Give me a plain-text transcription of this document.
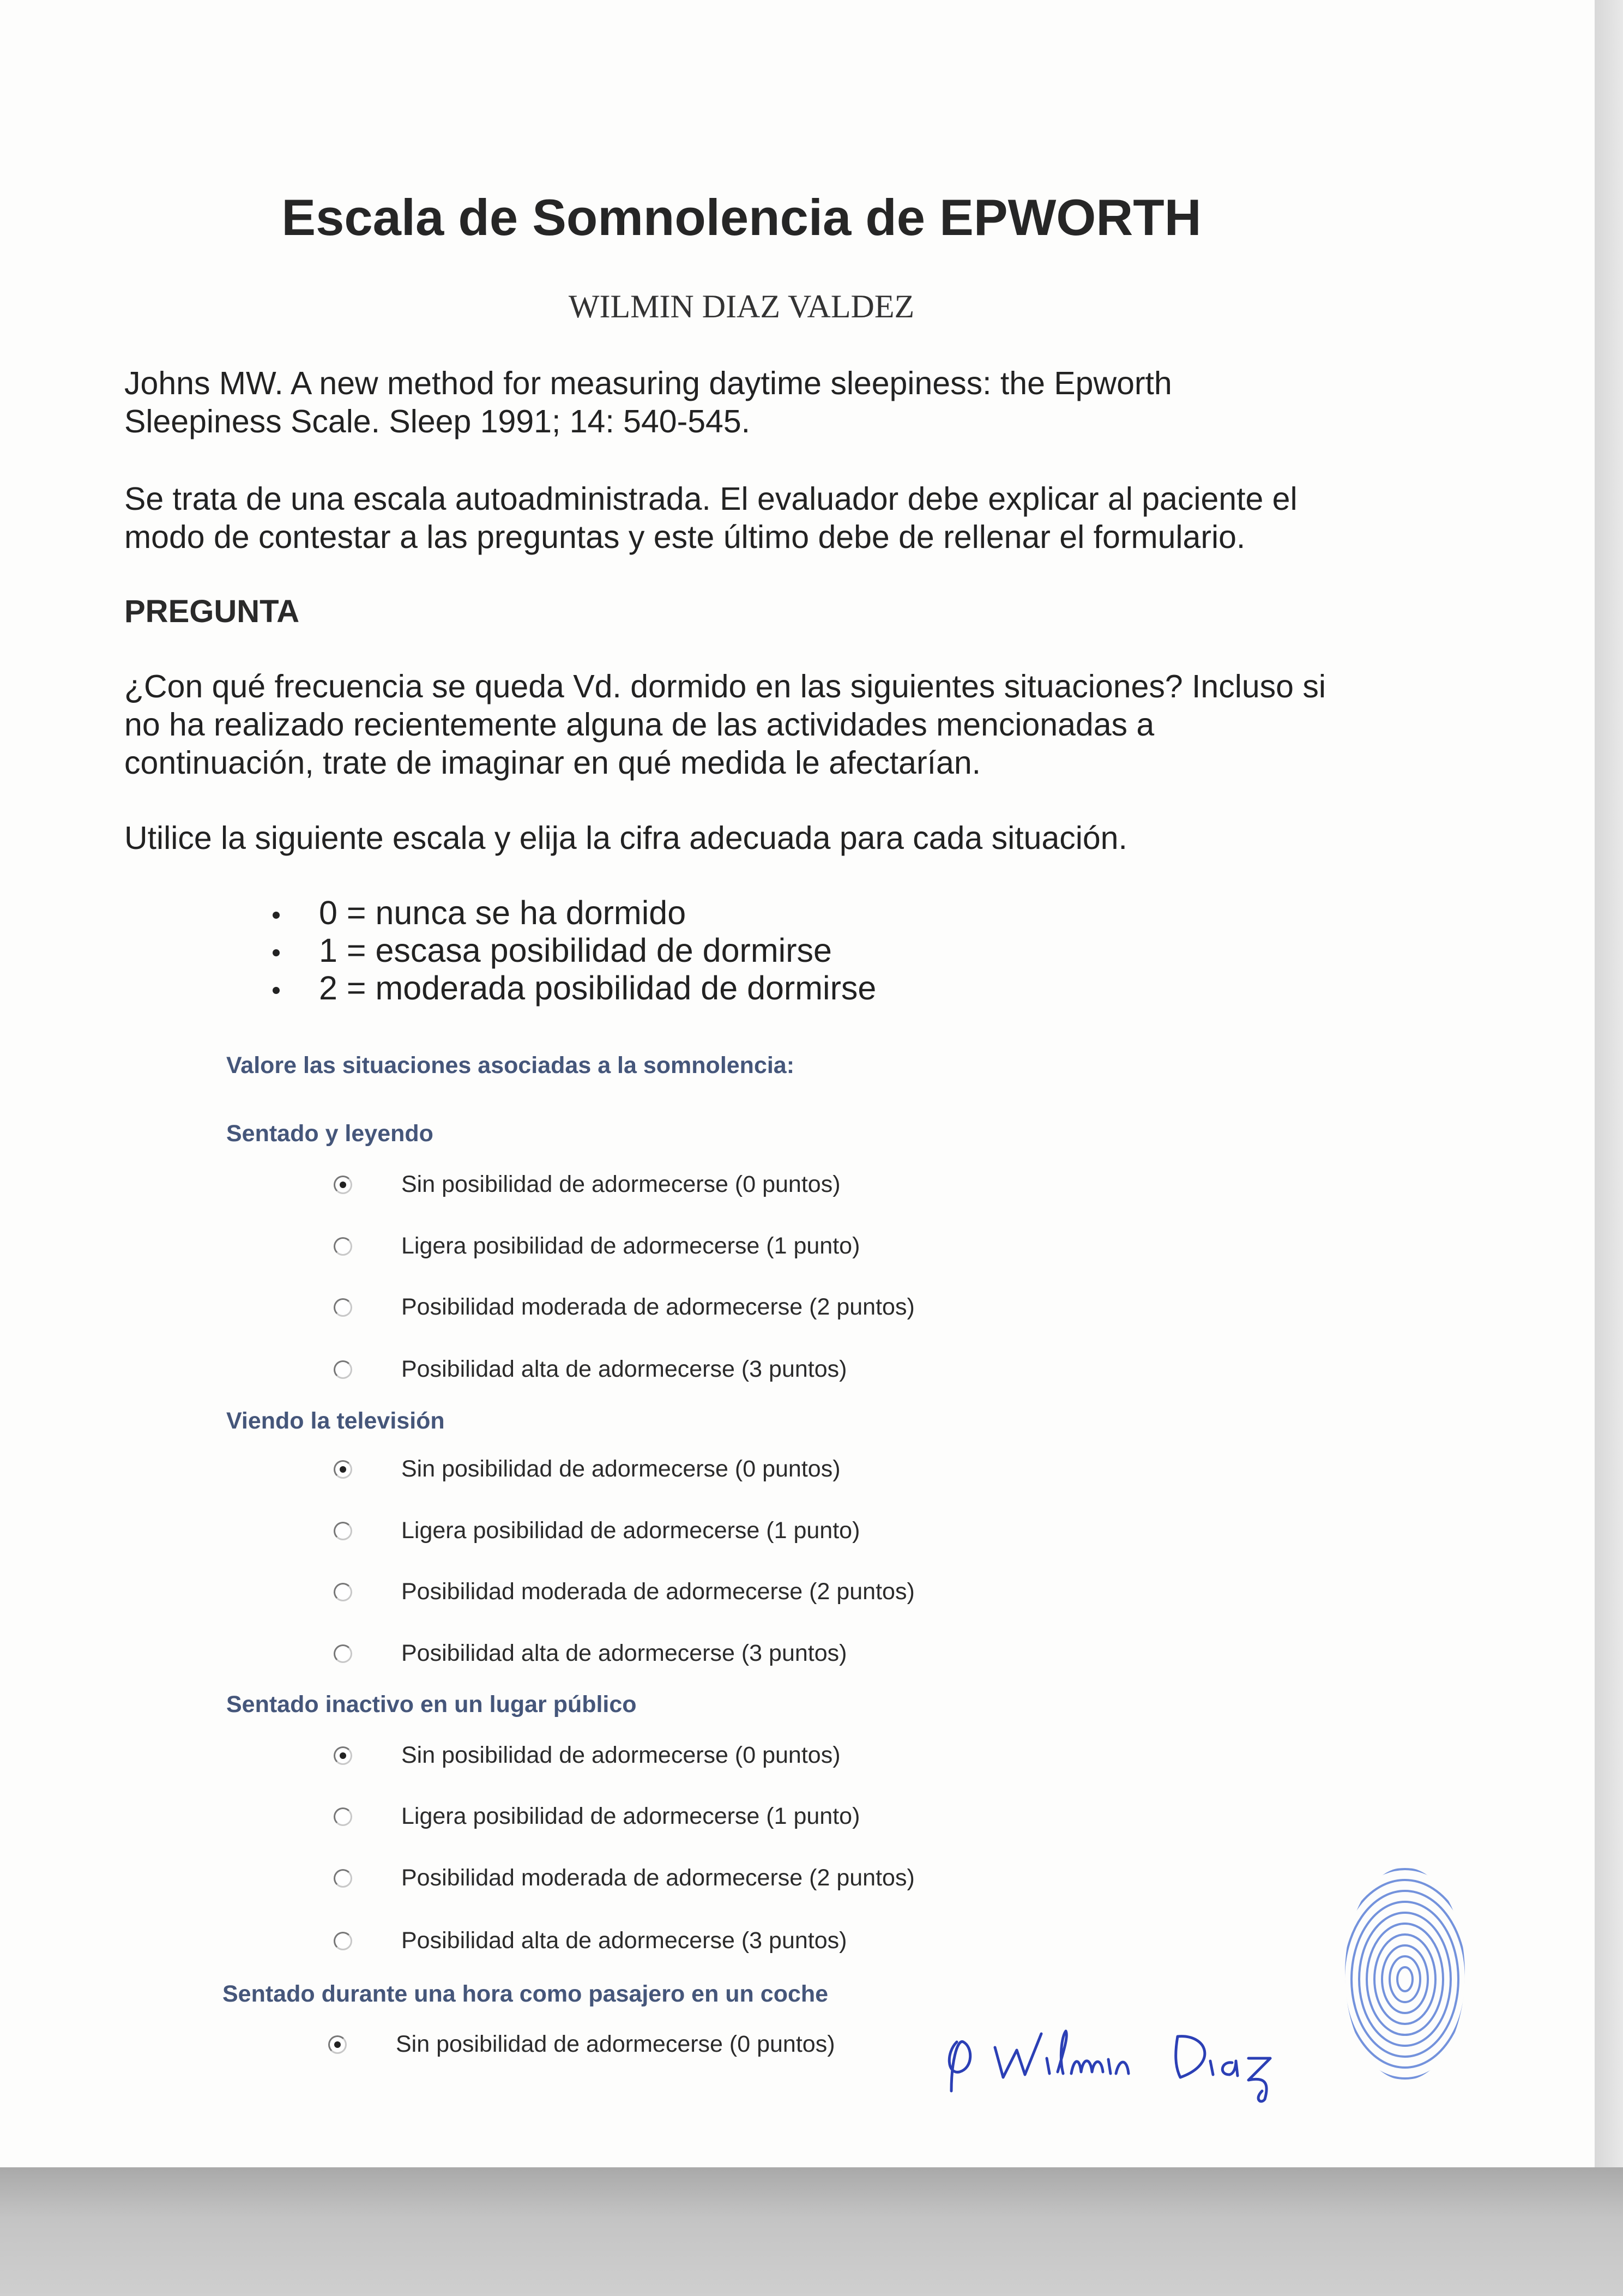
Escala de Somnolencia de EPWORTH
WILMIN DIAZ VALDEZ
Johns MW. A new method for measuring daytime sleepiness: the Epworth
Sleepiness Scale. Sleep 1991; 14: 540-545.
Se trata de una escala autoadministrada. El evaluador debe explicar al paciente el
modo de contestar a las preguntas y este último debe de rellenar el formulario.
PREGUNTA
¿Con qué frecuencia se queda Vd. dormido en las siguientes situaciones? Incluso si
no ha realizado recientemente alguna de las actividades mencionadas a
continuación, trate de imaginar en qué medida le afectarían.
Utilice la siguiente escala y elija la cifra adecuada para cada situación.
0 = nunca se ha dormido
1 = escasa posibilidad de dormirse
2 = moderada posibilidad de dormirse
Valore las situaciones asociadas a la somnolencia:
Sentado y leyendo
Sin posibilidad de adormecerse (0 puntos)
Ligera posibilidad de adormecerse (1 punto)
Posibilidad moderada de adormecerse (2 puntos)
Posibilidad alta de adormecerse (3 puntos)
Viendo la televisión
Sin posibilidad de adormecerse (0 puntos)
Ligera posibilidad de adormecerse (1 punto)
Posibilidad moderada de adormecerse (2 puntos)
Posibilidad alta de adormecerse (3 puntos)
Sentado inactivo en un lugar público
Sin posibilidad de adormecerse (0 puntos)
Ligera posibilidad de adormecerse (1 punto)
Posibilidad moderada de adormecerse (2 puntos)
Posibilidad alta de adormecerse (3 puntos)
Sentado durante una hora como pasajero en un coche
Sin posibilidad de adormecerse (0 puntos)
